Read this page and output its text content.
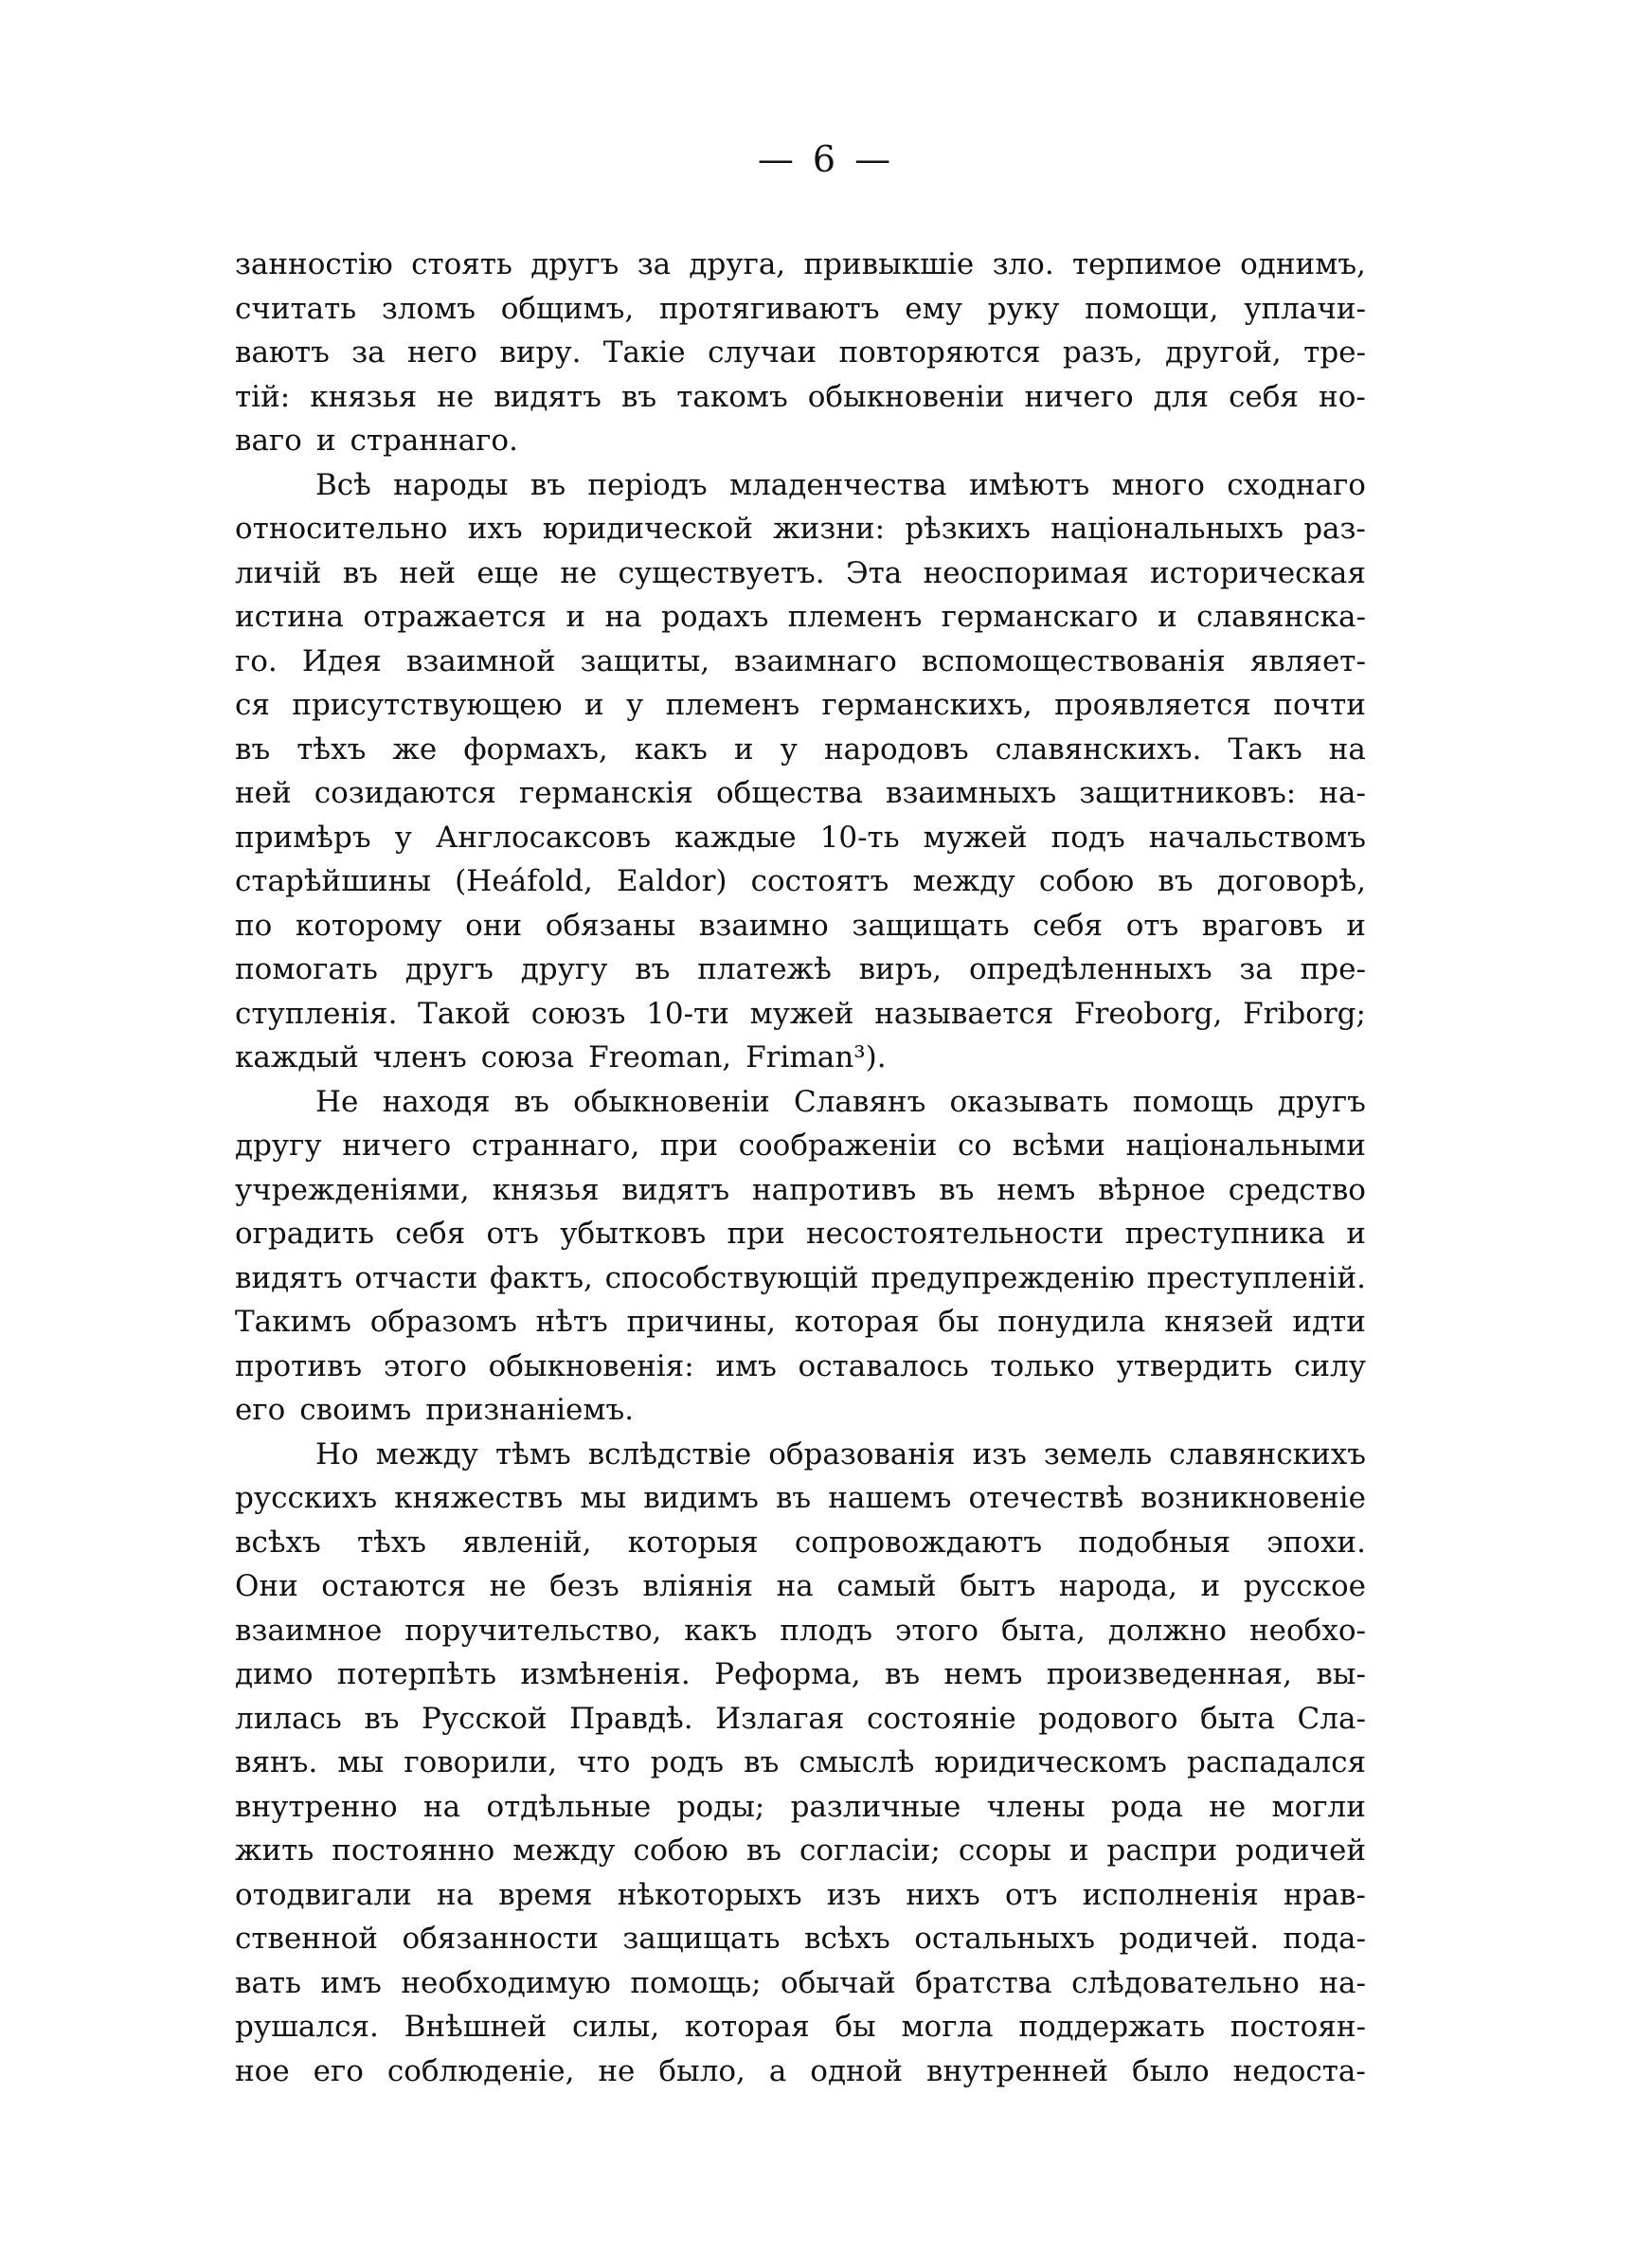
— 6 —
занностію стоять другъ за друга, привыкшіе зло. терпимое однимъ,
считать зломъ общимъ, протягиваютъ ему руку помощи, уплачи-
ваютъ за него виру. Такіе случаи повторяются разъ, другой, тре-
тій: князья не видятъ въ такомъ обыкновеніи ничего для себя но-
ваго и страннаго.
Всѣ народы въ періодъ младенчества имѣютъ много сходнаго
относительно ихъ юридической жизни: рѣзкихъ національныхъ раз-
личій въ ней еще не существуетъ. Эта неоспоримая историческая
истина отражается и на родахъ племенъ германскаго и славянска-
го. Идея взаимной защиты, взаимнаго вспомоществованія являет-
ся присутствующею и у племенъ германскихъ, проявляется почти
въ тѣхъ же формахъ, какъ и у народовъ славянскихъ. Такъ на
ней созидаются германскія общества взаимныхъ защитниковъ: на-
примѣръ у Англосаксовъ каждые 10-ть мужей подъ начальствомъ
старѣйшины (Heáfold, Ealdor) состоятъ между собою въ договорѣ,
по которому они обязаны взаимно защищать себя отъ враговъ и
помогать другъ другу въ платежѣ виръ, опредѣленныхъ за пре-
ступленія. Такой союзъ 10-ти мужей называется Freoborg, Friborg;
каждый членъ союза Freoman, Friman³).
Не находя въ обыкновеніи Славянъ оказывать помощь другъ
другу ничего страннаго, при соображеніи со всѣми національными
учрежденіями, князья видятъ напротивъ въ немъ вѣрное средство
оградить себя отъ убытковъ при несостоятельности преступника и
видятъ отчасти фактъ, способствующій предупрежденію преступленій.
Такимъ образомъ нѣтъ причины, которая бы понудила князей идти
противъ этого обыкновенія: имъ оставалось только утвердить силу
его своимъ признаніемъ.
Но между тѣмъ вслѣдствіе образованія изъ земель славянскихъ
русскихъ княжествъ мы видимъ въ нашемъ отечествѣ возникновеніе
всѣхъ тѣхъ явленій, которыя сопровождаютъ подобныя эпохи.
Они остаются не безъ вліянія на самый бытъ народа, и русское
взаимное поручительство, какъ плодъ этого быта, должно необхо-
димо потерпѣть измѣненія. Реформа, въ немъ произведенная, вы-
лилась въ Русской Правдѣ. Излагая состояніе родового быта Сла-
вянъ. мы говорили, что родъ въ смыслѣ юридическомъ распадался
внутренно на отдѣльные роды; различные члены рода не могли
жить постоянно между собою въ согласіи; ссоры и распри родичей
отодвигали на время нѣкоторыхъ изъ нихъ отъ исполненія нрав-
ственной обязанности защищать всѣхъ остальныхъ родичей. пода-
вать имъ необходимую помощь; обычай братства слѣдовательно на-
рушался. Внѣшней силы, которая бы могла поддержать постоян-
ное его соблюденіе, не было, а одной внутренней было недоста-
